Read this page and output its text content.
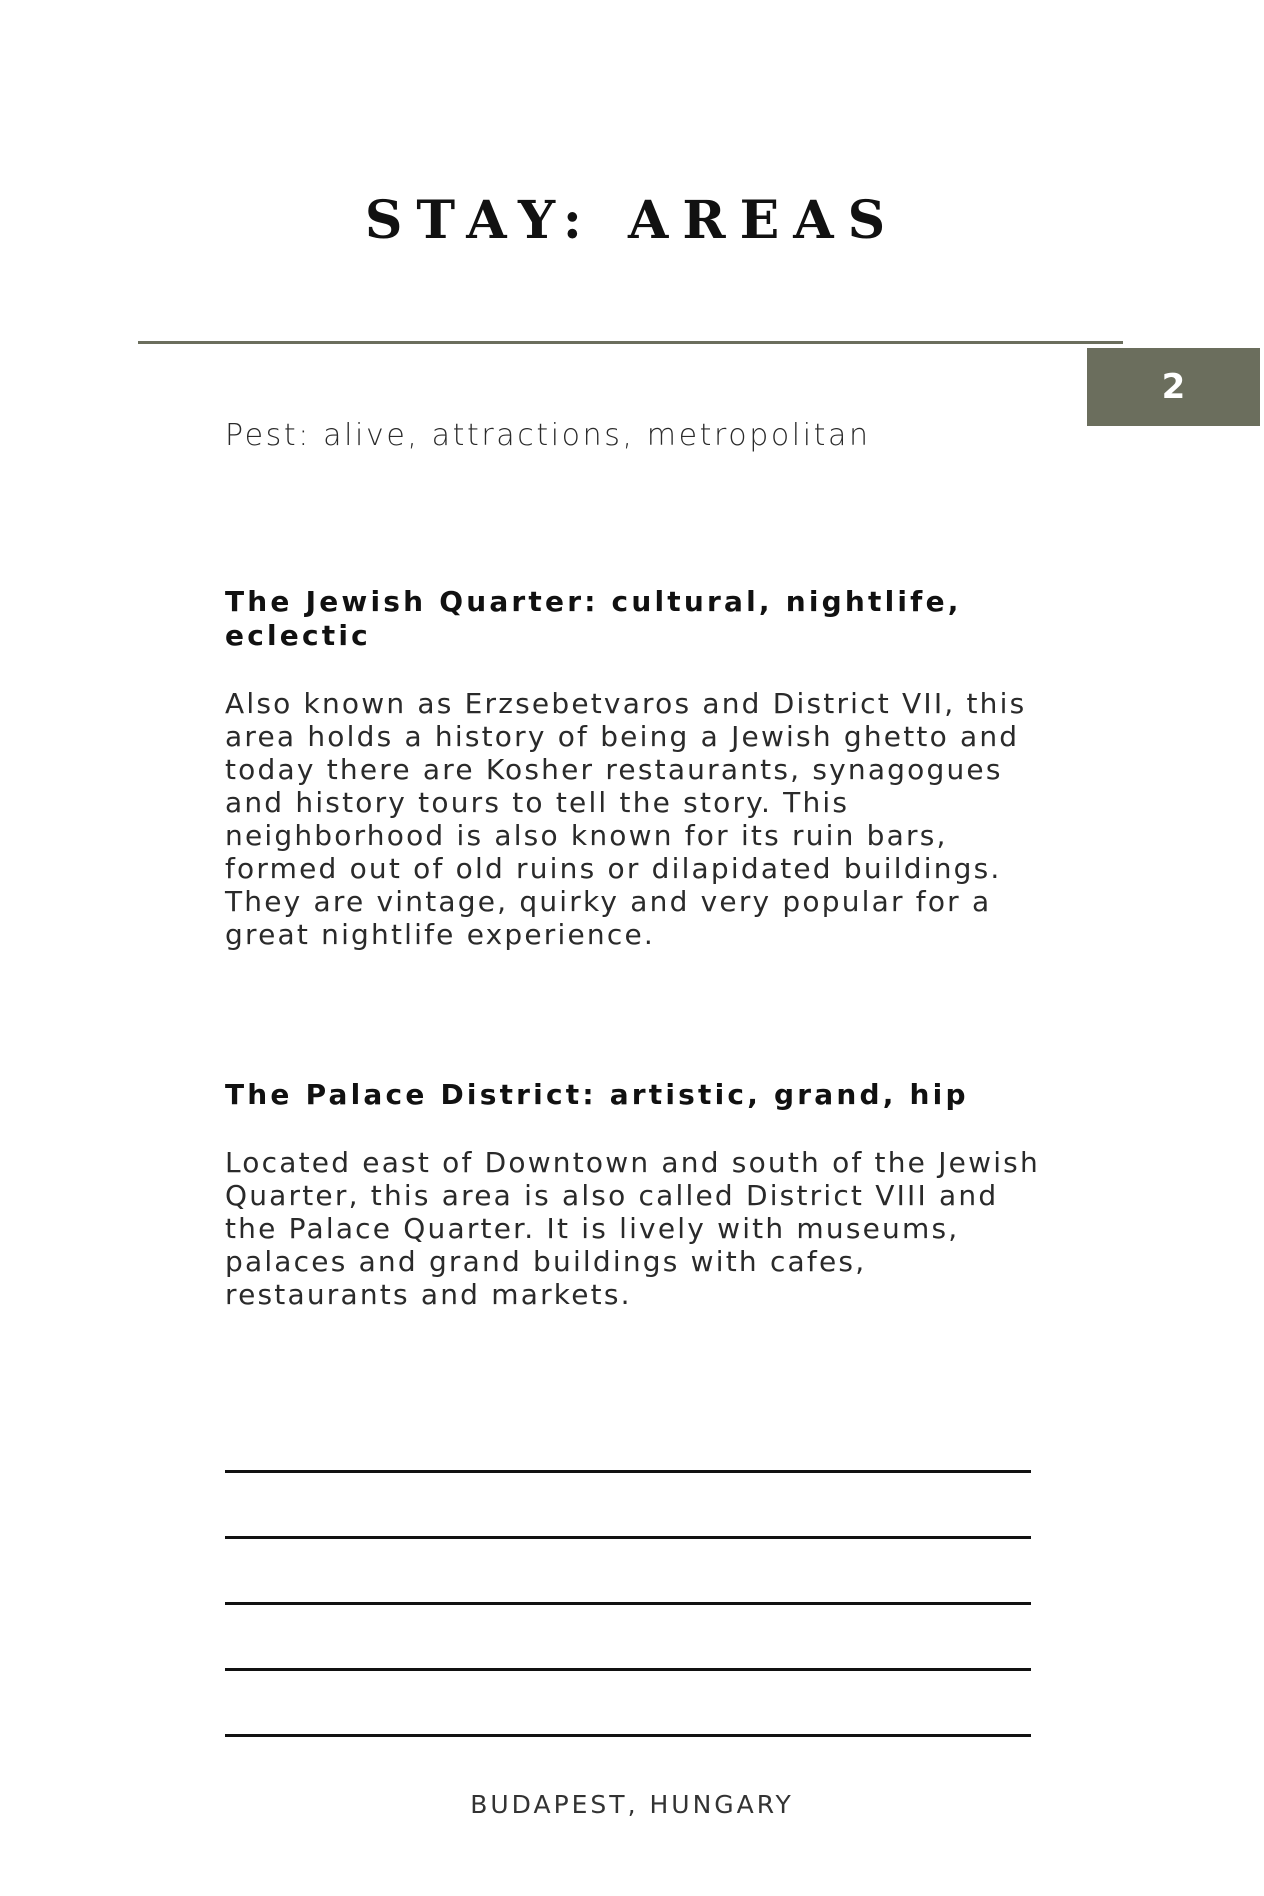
STAY: AREAS
2
Pest: alive, attractions, metropolitan
The Jewish Quarter: cultural, nightlife, eclectic

Also known as Erzsebetvaros and District VII, this area holds a history of being a Jewish ghetto and today there are Kosher restaurants, synagogues and history tours to tell the story. This neighborhood is also known for its ruin bars, formed out of old ruins or dilapidated buildings. They are vintage, quirky and very popular for a great nightlife experience.

The Palace District: artistic, grand, hip

Located east of Downtown and south of the Jewish Quarter, this area is also called District VIII and the Palace Quarter. It is lively with museums, palaces and grand buildings with cafes, restaurants and markets.

BUDAPEST, HUNGARY
